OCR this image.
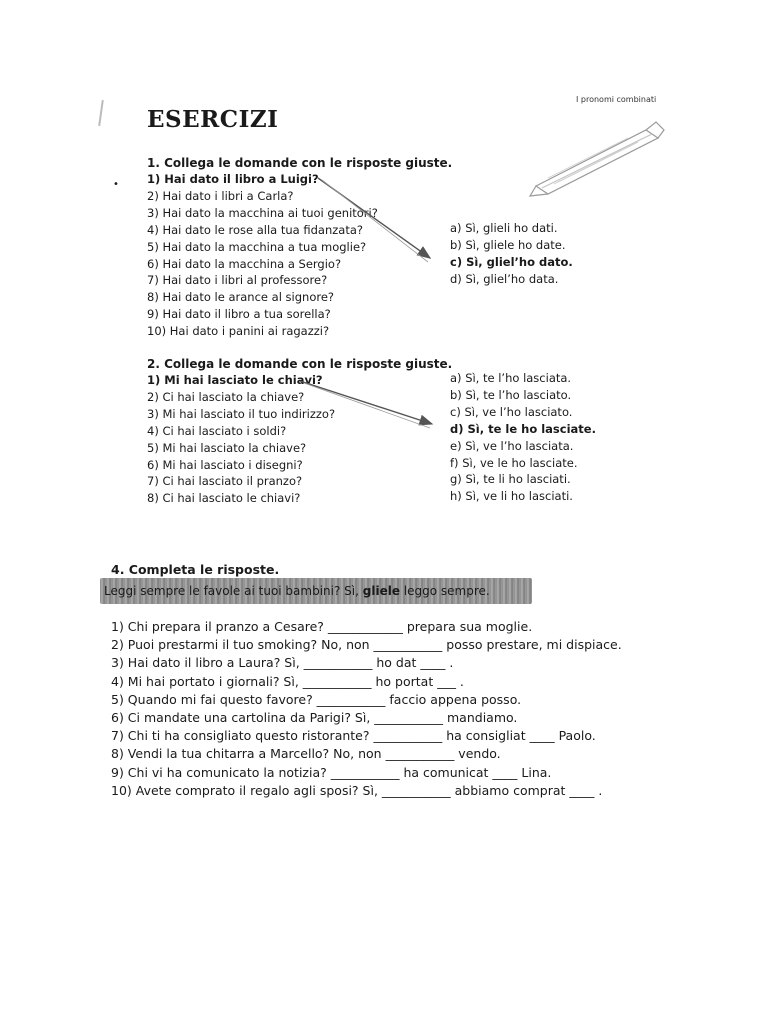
ESERCIZI
I pronomi combinati
•
1. Collega le domande con le risposte giuste.
1) Hai dato il libro a Luigi?
2) Hai dato i libri a Carla?
3) Hai dato la macchina ai tuoi genitori?
4) Hai dato le rose alla tua fidanzata?
5) Hai dato la macchina a tua moglie?
6) Hai dato la macchina a Sergio?
7) Hai dato i libri al professore?
8) Hai dato le arance al signore?
9) Hai dato il libro a tua sorella?
10) Hai dato i panini ai ragazzi?
a) Sì, glieli ho dati.
b) Sì, gliele ho date.
c) Sì, gliel’ho dato.
d) Sì, gliel’ho data.
2. Collega le domande con le risposte giuste.
1) Mi hai lasciato le chiavi?
2) Ci hai lasciato la chiave?
3) Mi hai lasciato il tuo indirizzo?
4) Ci hai lasciato i soldi?
5) Mi hai lasciato la chiave?
6) Mi hai lasciato i disegni?
7) Ci hai lasciato il pranzo?
8) Ci hai lasciato le chiavi?
a) Sì, te l’ho lasciata.
b) Sì, te l’ho lasciato.
c) Sì, ve l’ho lasciato.
d) Sì, te le ho lasciate.
e) Sì, ve l’ho lasciata.
f) Sì, ve le ho lasciate.
g) Sì, te li ho lasciati.
h) Sì, ve li ho lasciati.
4. Completa le risposte.
Leggi sempre le favole ai tuoi bambini? Sì, gliele leggo sempre.
1) Chi prepara il pranzo a Cesare? ____________ prepara sua moglie.
2) Puoi prestarmi il tuo smoking? No, non ___________ posso prestare, mi dispiace.
3) Hai dato il libro a Laura? Sì, ___________ ho dat ____ .
4) Mi hai portato i giornali? Sì, ___________ ho portat ___ .
5) Quando mi fai questo favore? ___________ faccio appena posso.
6) Ci mandate una cartolina da Parigi? Sì, ___________ mandiamo.
7) Chi ti ha consigliato questo ristorante? ___________ ha consigliat ____ Paolo.
8) Vendi la tua chitarra a Marcello? No, non ___________ vendo.
9) Chi vi ha comunicato la notizia? ___________ ha comunicat ____ Lina.
10) Avete comprato il regalo agli sposi? Sì, ___________ abbiamo comprat ____ .
